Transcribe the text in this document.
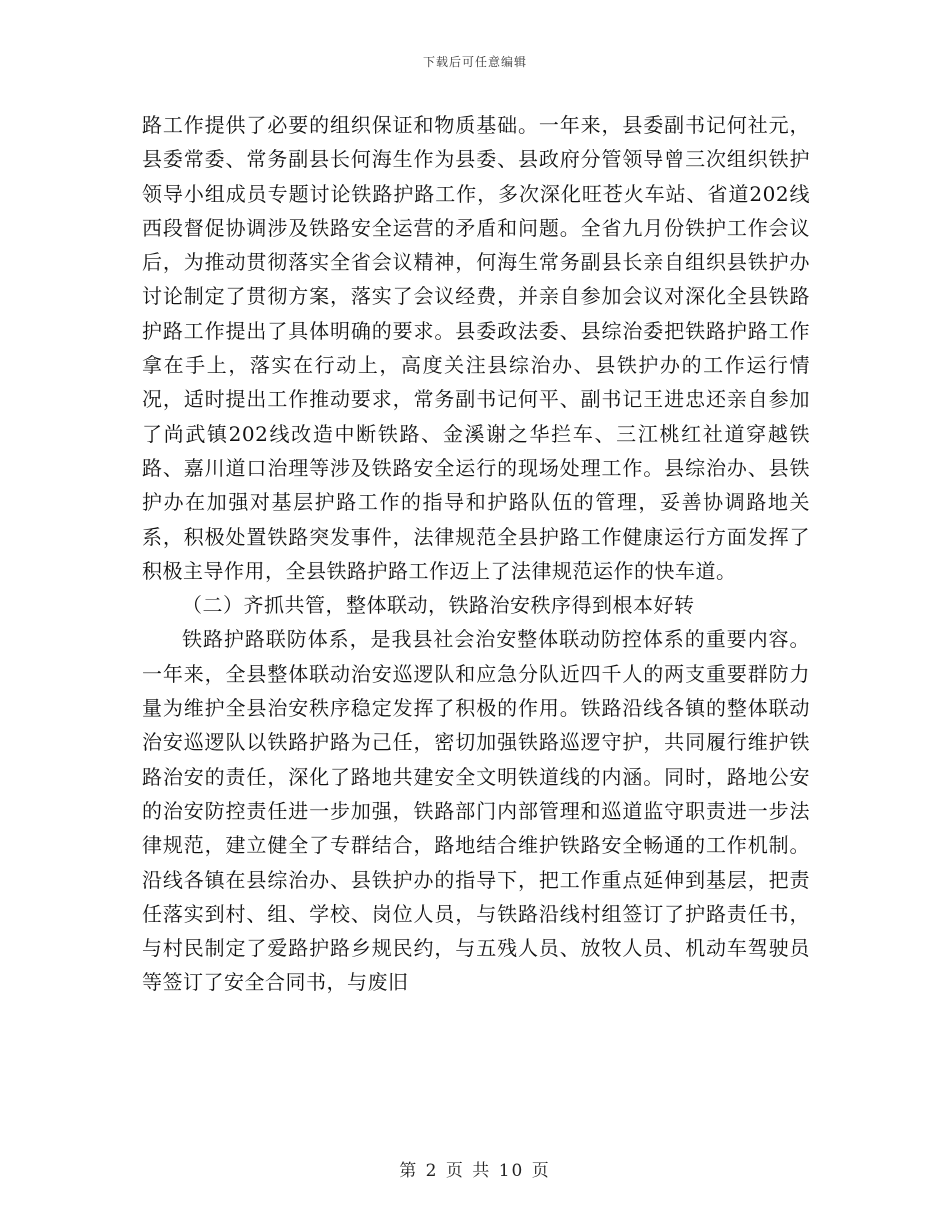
下载后可任意编辑

路工作提供了必要的组织保证和物质基础。一年来，县委副书记何社元，县委常委、常务副县长何海生作为县委、县政府分管领导曾三次组织铁护领导小组成员专题讨论铁路护路工作，多次深化旺苍火车站、省道202线西段督促协调涉及铁路安全运营的矛盾和问题。全省九月份铁护工作会议后，为推动贯彻落实全省会议精神，何海生常务副县长亲自组织县铁护办讨论制定了贯彻方案，落实了会议经费，并亲自参加会议对深化全县铁路护路工作提出了具体明确的要求。县委政法委、县综治委把铁路护路工作拿在手上，落实在行动上，高度关注县综治办、县铁护办的工作运行情况，适时提出工作推动要求，常务副书记何平、副书记王进忠还亲自参加了尚武镇202线改造中断铁路、金溪谢之华拦车、三江桃红社道穿越铁路、嘉川道口治理等涉及铁路安全运行的现场处理工作。县综治办、县铁护办在加强对基层护路工作的指导和护路队伍的管理，妥善协调路地关系，积极处置铁路突发事件，法律规范全县护路工作健康运行方面发挥了积极主导作用，全县铁路护路工作迈上了法律规范运作的快车道。

（二）齐抓共管，整体联动，铁路治安秩序得到根本好转

铁路护路联防体系，是我县社会治安整体联动防控体系的重要内容。一年来，全县整体联动治安巡逻队和应急分队近四千人的两支重要群防力量为维护全县治安秩序稳定发挥了积极的作用。铁路沿线各镇的整体联动治安巡逻队以铁路护路为己任，密切加强铁路巡逻守护，共同履行维护铁路治安的责任，深化了路地共建安全文明铁道线的内涵。同时，路地公安的治安防控责任进一步加强，铁路部门内部管理和巡道监守职责进一步法律规范，建立健全了专群结合，路地结合维护铁路安全畅通的工作机制。沿线各镇在县综治办、县铁护办的指导下，把工作重点延伸到基层，把责任落实到村、组、学校、岗位人员，与铁路沿线村组签订了护路责任书，与村民制定了爱路护路乡规民约，与五残人员、放牧人员、机动车驾驶员等签订了安全合同书，与废旧

第 2 页 共 10 页
